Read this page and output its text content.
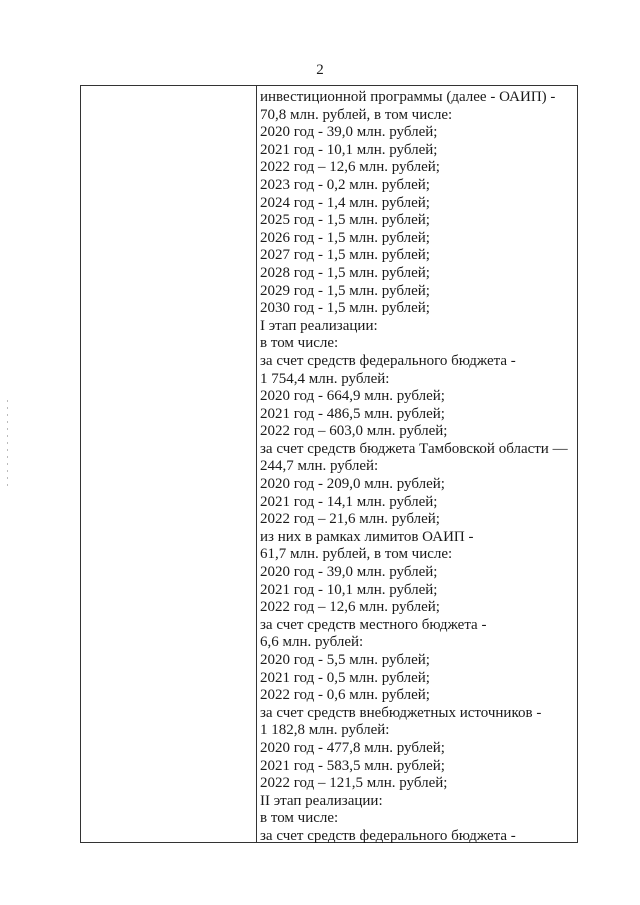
2
инвестиционной программы (далее - ОАИП) -
70,8 млн. рублей, в том числе:
2020 год - 39,0 млн. рублей;
2021 год - 10,1 млн. рублей;
2022 год – 12,6 млн. рублей;
2023 год - 0,2 млн. рублей;
2024 год - 1,4 млн. рублей;
2025 год - 1,5 млн. рублей;
2026 год - 1,5 млн. рублей;
2027 год - 1,5 млн. рублей;
2028 год - 1,5 млн. рублей;
2029 год - 1,5 млн. рублей;
2030 год - 1,5 млн. рублей;
I этап реализации:
в том числе:
за счет средств федерального бюджета -
1 754,4 млн. рублей:
2020 год - 664,9 млн. рублей;
2021 год - 486,5 млн. рублей;
2022 год – 603,0 млн. рублей;
за счет средств бюджета Тамбовской области —
244,7 млн. рублей:
2020 год - 209,0 млн. рублей;
2021 год - 14,1 млн. рублей;
2022 год – 21,6 млн. рублей;
из них в рамках лимитов ОАИП -
61,7 млн. рублей, в том числе:
2020 год - 39,0 млн. рублей;
2021 год - 10,1 млн. рублей;
2022 год – 12,6 млн. рублей;
за счет средств местного бюджета -
6,6 млн. рублей:
2020 год - 5,5 млн. рублей;
2021 год - 0,5 млн. рублей;
2022 год - 0,6 млн. рублей;
за счет средств внебюджетных источников -
1 182,8 млн. рублей:
2020 год - 477,8 млн. рублей;
2021 год - 583,5 млн. рублей;
2022 год – 121,5 млн. рублей;
II этап реализации:
в том числе:
за счет средств федерального бюджета -
